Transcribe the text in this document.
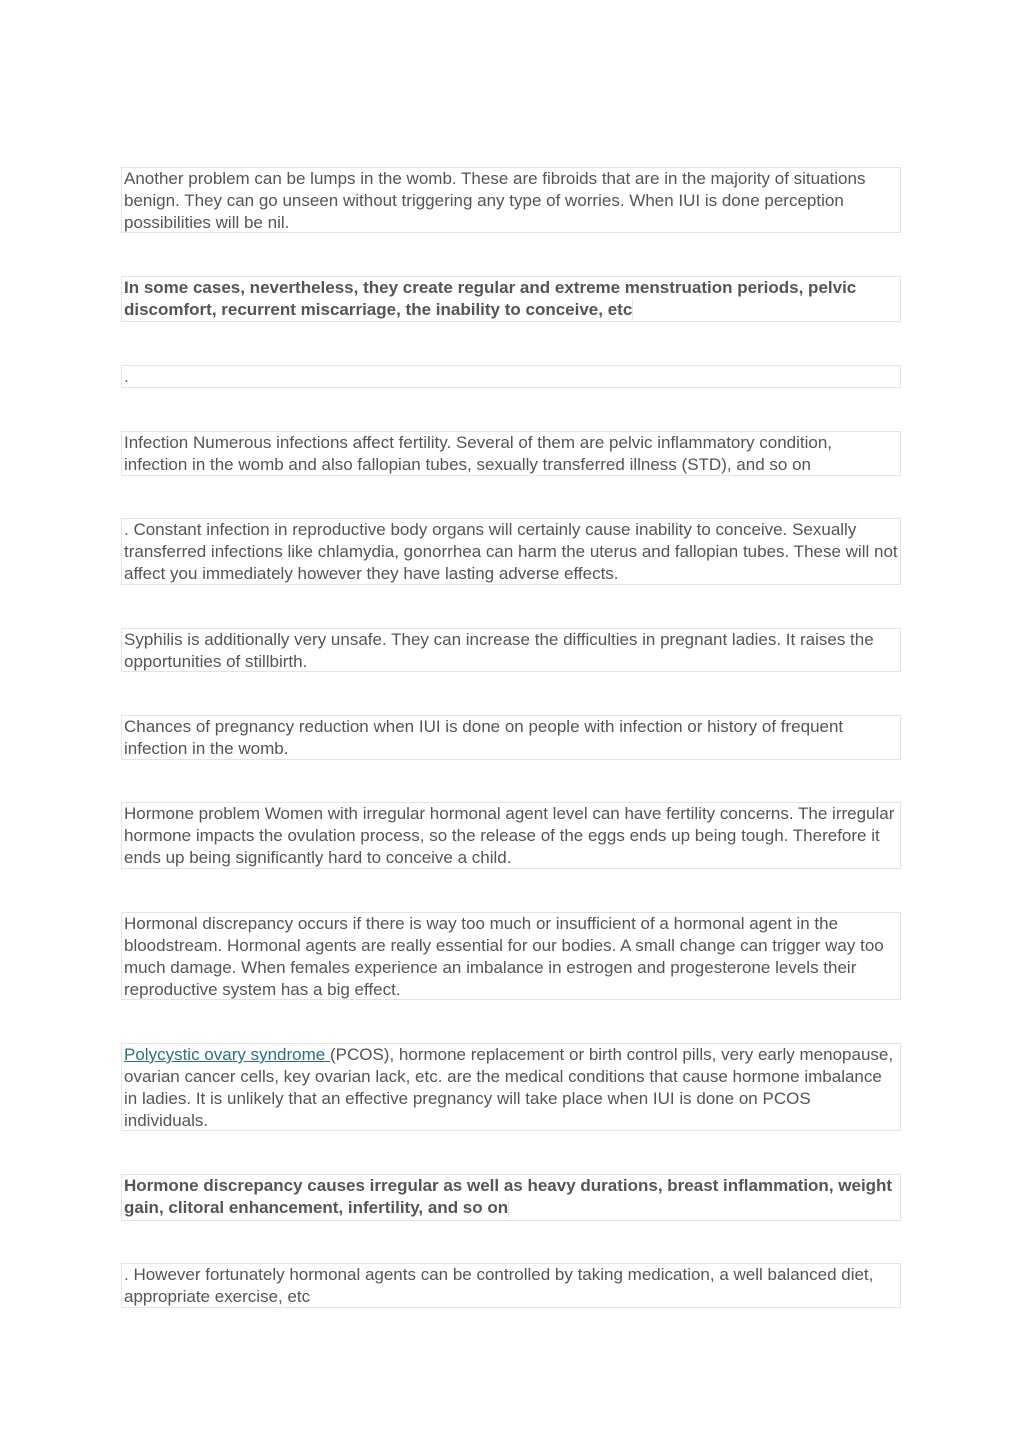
Another problem can be lumps in the womb. These are fibroids that are in the majority of situations benign. They can go unseen without triggering any type of worries. When IUI is done perception possibilities will be nil.
In some cases, nevertheless, they create regular and extreme menstruation periods, pelvic discomfort, recurrent miscarriage, the inability to conceive, etc
.
Infection Numerous infections affect fertility. Several of them are pelvic inflammatory condition, infection in the womb and also fallopian tubes, sexually transferred illness (STD), and so on
. Constant infection in reproductive body organs will certainly cause inability to conceive. Sexually transferred infections like chlamydia, gonorrhea can harm the uterus and fallopian tubes. These will not affect you immediately however they have lasting adverse effects.
Syphilis is additionally very unsafe. They can increase the difficulties in pregnant ladies. It raises the opportunities of stillbirth.
Chances of pregnancy reduction when IUI is done on people with infection or history of frequent infection in the womb.
Hormone problem Women with irregular hormonal agent level can have fertility concerns. The irregular hormone impacts the ovulation process, so the release of the eggs ends up being tough. Therefore it ends up being significantly hard to conceive a child.
Hormonal discrepancy occurs if there is way too much or insufficient of a hormonal agent in the bloodstream. Hormonal agents are really essential for our bodies. A small change can trigger way too much damage. When females experience an imbalance in estrogen and progesterone levels their reproductive system has a big effect.
Polycystic ovary syndrome (PCOS), hormone replacement or birth control pills, very early menopause, ovarian cancer cells, key ovarian lack, etc. are the medical conditions that cause hormone imbalance in ladies. It is unlikely that an effective pregnancy will take place when IUI is done on PCOS individuals.
Hormone discrepancy causes irregular as well as heavy durations, breast inflammation, weight gain, clitoral enhancement, infertility, and so on
. However fortunately hormonal agents can be controlled by taking medication, a well balanced diet, appropriate exercise, etc
